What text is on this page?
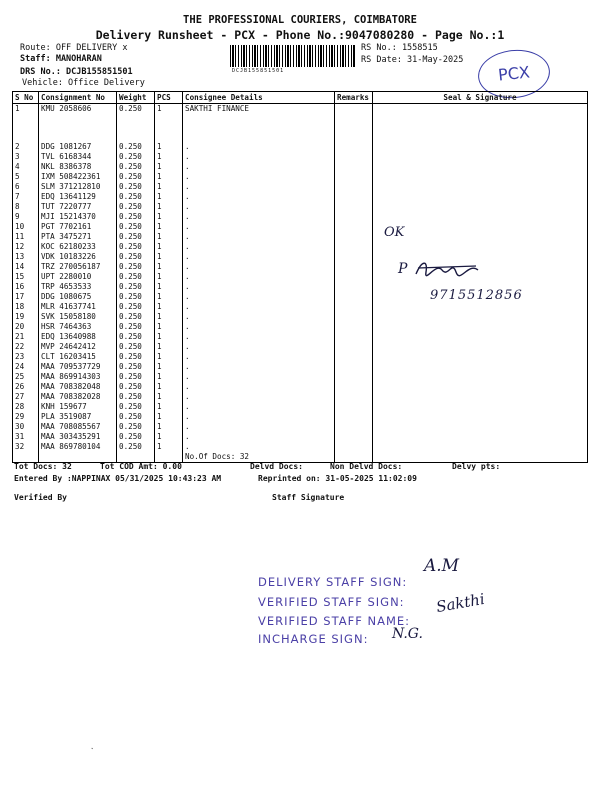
THE PROFESSIONAL COURIERS, COIMBATORE
Delivery Runsheet - PCX - Phone No.:9047080280 - Page No.:1
Route: OFF DELIVERY x
Staff: MANOHARAN
DRS No.: DCJB155851501
Vehicle: Office Delivery
DCJB155851501
RS No.: 1558515
RS Date: 31-May-2025
PCX
S No	Consignment No	Weight	PCS	Consignee Details	Remarks	Seal & Signature
1	KMU 2058606	0.250	1	SAKTHI FINANCE		
2	DDG 1081267	0.250	1	.		
3	TVL 6168344	0.250	1	.		
4	NKL 8386378	0.250	1	.		
5	IXM 508422361	0.250	1	.		
6	SLM 371212810	0.250	1	.		
7	EDQ 13641129	0.250	1	.		
8	TUT 7220777	0.250	1	.		
9	MJI 15214370	0.250	1	.		
10	PGT 7702161	0.250	1	.		
11	PTA 3475271	0.250	1	.		
12	KOC 62180233	0.250	1	.		
13	VDK 10183226	0.250	1	.		
14	TRZ 270056187	0.250	1	.		
15	UPT 2280010	0.250	1	.		
16	TRP 4653533	0.250	1	.		
17	DDG 1080675	0.250	1	.		
18	MLR 41637741	0.250	1	.		
19	SVK 15058180	0.250	1	.		
20	HSR 7464363	0.250	1	.		
21	EDQ 13640988	0.250	1	.		
22	MVP 24642412	0.250	1	.		
23	CLT 16203415	0.250	1	.		
24	MAA 709537729	0.250	1	.		
25	MAA 869914303	0.250	1	.		
26	MAA 708382048	0.250	1	.		
27	MAA 708382028	0.250	1	.		
28	KNH 159677	0.250	1	.		
29	PLA 3519087	0.250	1	.		
30	MAA 708085567	0.250	1	.		
31	MAA 303435291	0.250	1	.		
32	MAA 869780104	0.250	1	.		
				No.Of Docs: 32		
OK
P
9715512856
Tot Docs: 32	Tot COD Amt: 0.00	Delvd Docs:	Non Delvd Docs:	Delvy pts:
Entered By :NAPPINAX 05/31/2025 10:43:23 AM	Reprinted on: 31-05-2025 11:02:09
Verified By	Staff Signature
DELIVERY STAFF SIGN:
VERIFIED STAFF SIGN:
VERIFIED STAFF NAME:
INCHARGE SIGN:
A.M
Sakthi
N.G.
